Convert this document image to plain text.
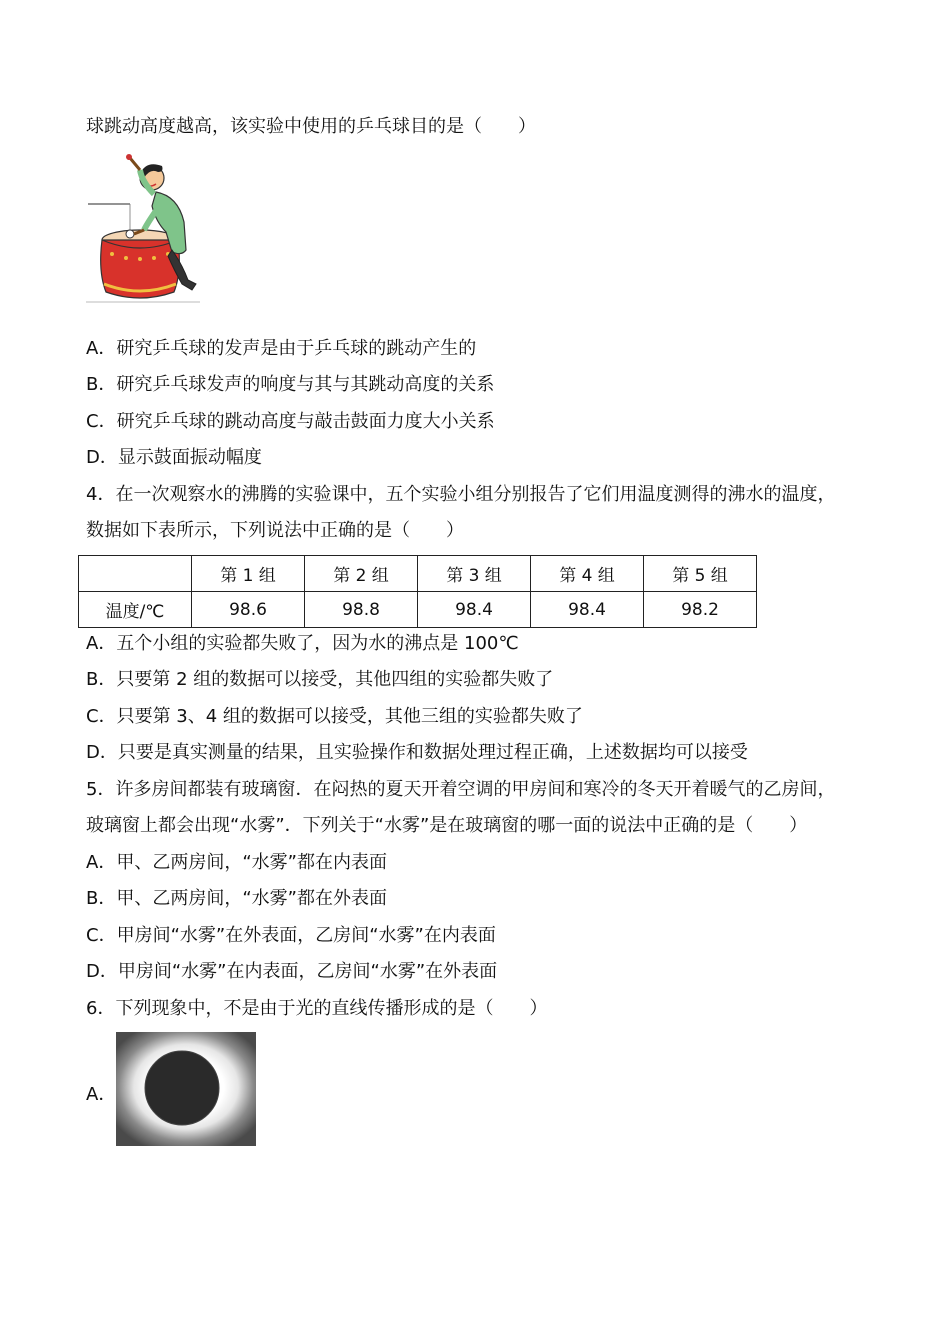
球跳动高度越高，该实验中使用的乒乓球目的是（　　）
A．研究乒乓球的发声是由于乒乓球的跳动产生的
B．研究乒乓球发声的响度与其与其跳动高度的关系
C．研究乒乓球的跳动高度与敲击鼓面力度大小关系
D．显示鼓面振动幅度
4．在一次观察水的沸腾的实验课中，五个实验小组分别报告了它们用温度测得的沸水的温度，
数据如下表所示，下列说法中正确的是（　　）
	第 1 组	第 2 组	第 3 组	第 4 组	第 5 组
温度/℃	98.6	98.8	98.4	98.4	98.2
A．五个小组的实验都失败了，因为水的沸点是 100℃
B．只要第 2 组的数据可以接受，其他四组的实验都失败了
C．只要第 3、4 组的数据可以接受，其他三组的实验都失败了
D．只要是真实测量的结果，且实验操作和数据处理过程正确，上述数据均可以接受
5．许多房间都装有玻璃窗．在闷热的夏天开着空调的甲房间和寒冷的冬天开着暖气的乙房间，
玻璃窗上都会出现“水雾”．下列关于“水雾”是在玻璃窗的哪一面的说法中正确的是（　　）
A．甲、乙两房间，“水雾”都在内表面
B．甲、乙两房间，“水雾”都在外表面
C．甲房间“水雾”在外表面，乙房间“水雾”在内表面
D．甲房间“水雾”在内表面，乙房间“水雾”在外表面
6．下列现象中，不是由于光的直线传播形成的是（　　）
A．
